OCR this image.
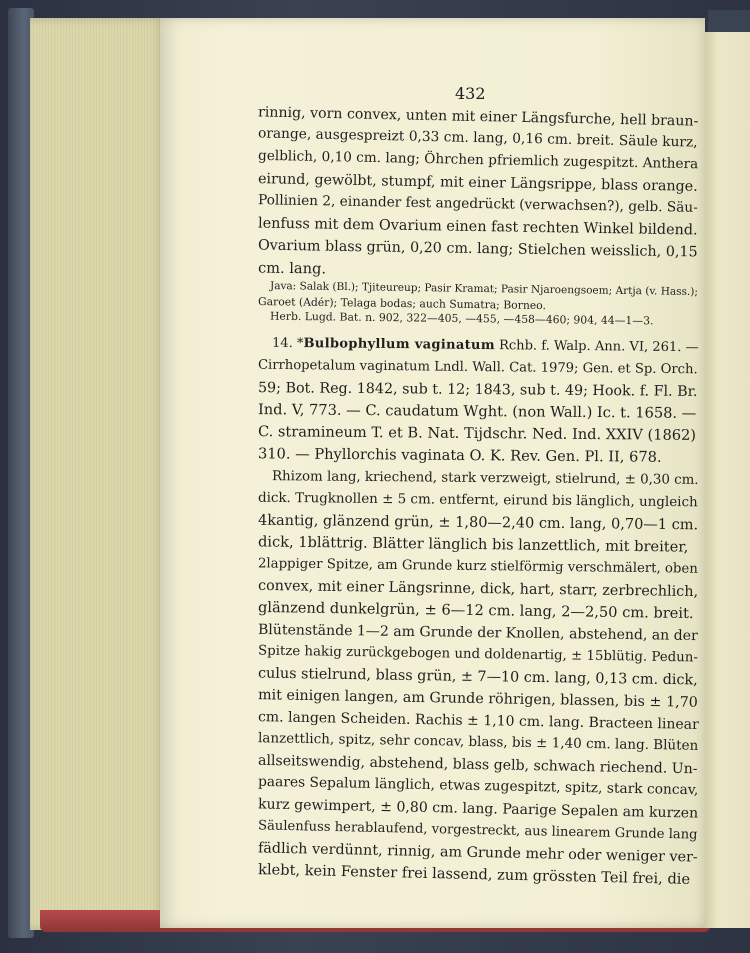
432
rinnig, vorn convex, unten mit einer Längsfurche, hell braun-
orange, ausgespreizt 0,33 cm. lang, 0,16 cm. breit. Säule kurz,
gelblich, 0,10 cm. lang; Öhrchen pfriemlich zugespitzt. Anthera
eirund, gewölbt, stumpf, mit einer Längsrippe, blass orange.
Pollinien 2, einander fest angedrückt (verwachsen?), gelb. Säu-
lenfuss mit dem Ovarium einen fast rechten Winkel bildend.
Ovarium blass grün, 0,20 cm. lang; Stielchen weisslich, 0,15
cm. lang.
Java: Salak (Bl.); Tjiteureup; Pasir Kramat; Pasir Njaroengsoem; Artja (v. Hass.);
Garoet (Adér); Telaga bodas; auch Sumatra; Borneo.
Herb. Lugd. Bat. n. 902, 322—405, —455, —458—460; 904, 44—1—3.
14. *Bulbophyllum vaginatum Rchb. f. Walp. Ann. VI, 261. —
Cirrhopetalum vaginatum Lndl. Wall. Cat. 1979; Gen. et Sp. Orch.
59; Bot. Reg. 1842, sub t. 12; 1843, sub t. 49; Hook. f. Fl. Br.
Ind. V, 773. — C. caudatum Wght. (non Wall.) Ic. t. 1658. —
C. stramineum T. et B. Nat. Tijdschr. Ned. Ind. XXIV (1862)
310. — Phyllorchis vaginata O. K. Rev. Gen. Pl. II, 678.
Rhizom lang, kriechend, stark verzweigt, stielrund, ± 0,30 cm.
dick. Trugknollen ± 5 cm. entfernt, eirund bis länglich, ungleich
4kantig, glänzend grün, ± 1,80—2,40 cm. lang, 0,70—1 cm.
dick, 1blättrig. Blätter länglich bis lanzettlich, mit breiter,
2lappiger Spitze, am Grunde kurz stielförmig verschmälert, oben
convex, mit einer Längsrinne, dick, hart, starr, zerbrechlich,
glänzend dunkelgrün, ± 6—12 cm. lang, 2—2,50 cm. breit.
Blütenstände 1—2 am Grunde der Knollen, abstehend, an der
Spitze hakig zurückgebogen und doldenartig, ± 15blütig. Pedun-
culus stielrund, blass grün, ± 7—10 cm. lang, 0,13 cm. dick,
mit einigen langen, am Grunde röhrigen, blassen, bis ± 1,70
cm. langen Scheiden. Rachis ± 1,10 cm. lang. Bracteen linear
lanzettlich, spitz, sehr concav, blass, bis ± 1,40 cm. lang. Blüten
allseitswendig, abstehend, blass gelb, schwach riechend. Un-
paares Sepalum länglich, etwas zugespitzt, spitz, stark concav,
kurz gewimpert, ± 0,80 cm. lang. Paarige Sepalen am kurzen
Säulenfuss herablaufend, vorgestreckt, aus linearem Grunde lang
fädlich verdünnt, rinnig, am Grunde mehr oder weniger ver-
klebt, kein Fenster frei lassend, zum grössten Teil frei, die
